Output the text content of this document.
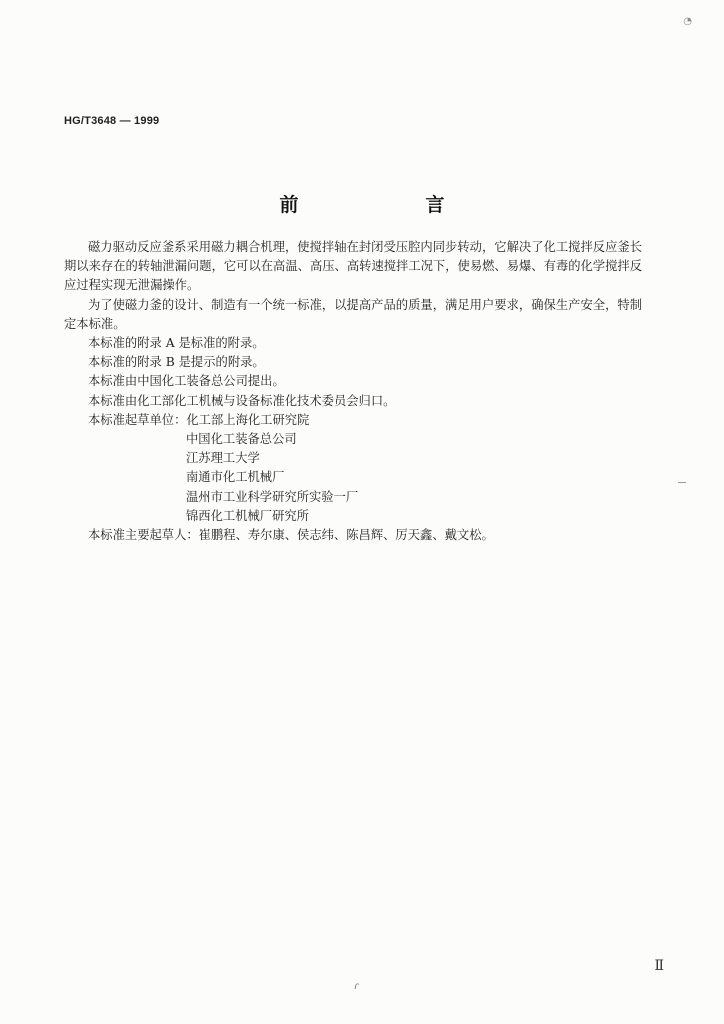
◔
HG/T3648 — 1999
前　言

磁力驱动反应釜系采用磁力耦合机理，使搅拌轴在封闭受压腔内同步转动，它解决了化工搅拌反应釜长期以来存在的转轴泄漏问题，它可以在高温、高压、高转速搅拌工况下，使易燃、易爆、有毒的化学搅拌反应过程实现无泄漏操作。

为了使磁力釜的设计、制造有一个统一标准，以提高产品的质量，满足用户要求，确保生产安全，特制定本标准。

本标准的附录 A 是标准的附录。

本标准的附录 B 是提示的附录。

本标准由中国化工装备总公司提出。

本标准由化工部化工机械与设备标准化技术委员会归口。

本标准起草单位：化工部上海化工研究院

中国化工装备总公司
江苏理工大学
南通市化工机械厂
温州市工业科学研究所实验一厂
锦西化工机械厂研究所

本标准主要起草人：崔鹏程、寿尔康、侯志纬、陈昌辉、厉天鑫、戴文松。

Ⅱ
ɾ
